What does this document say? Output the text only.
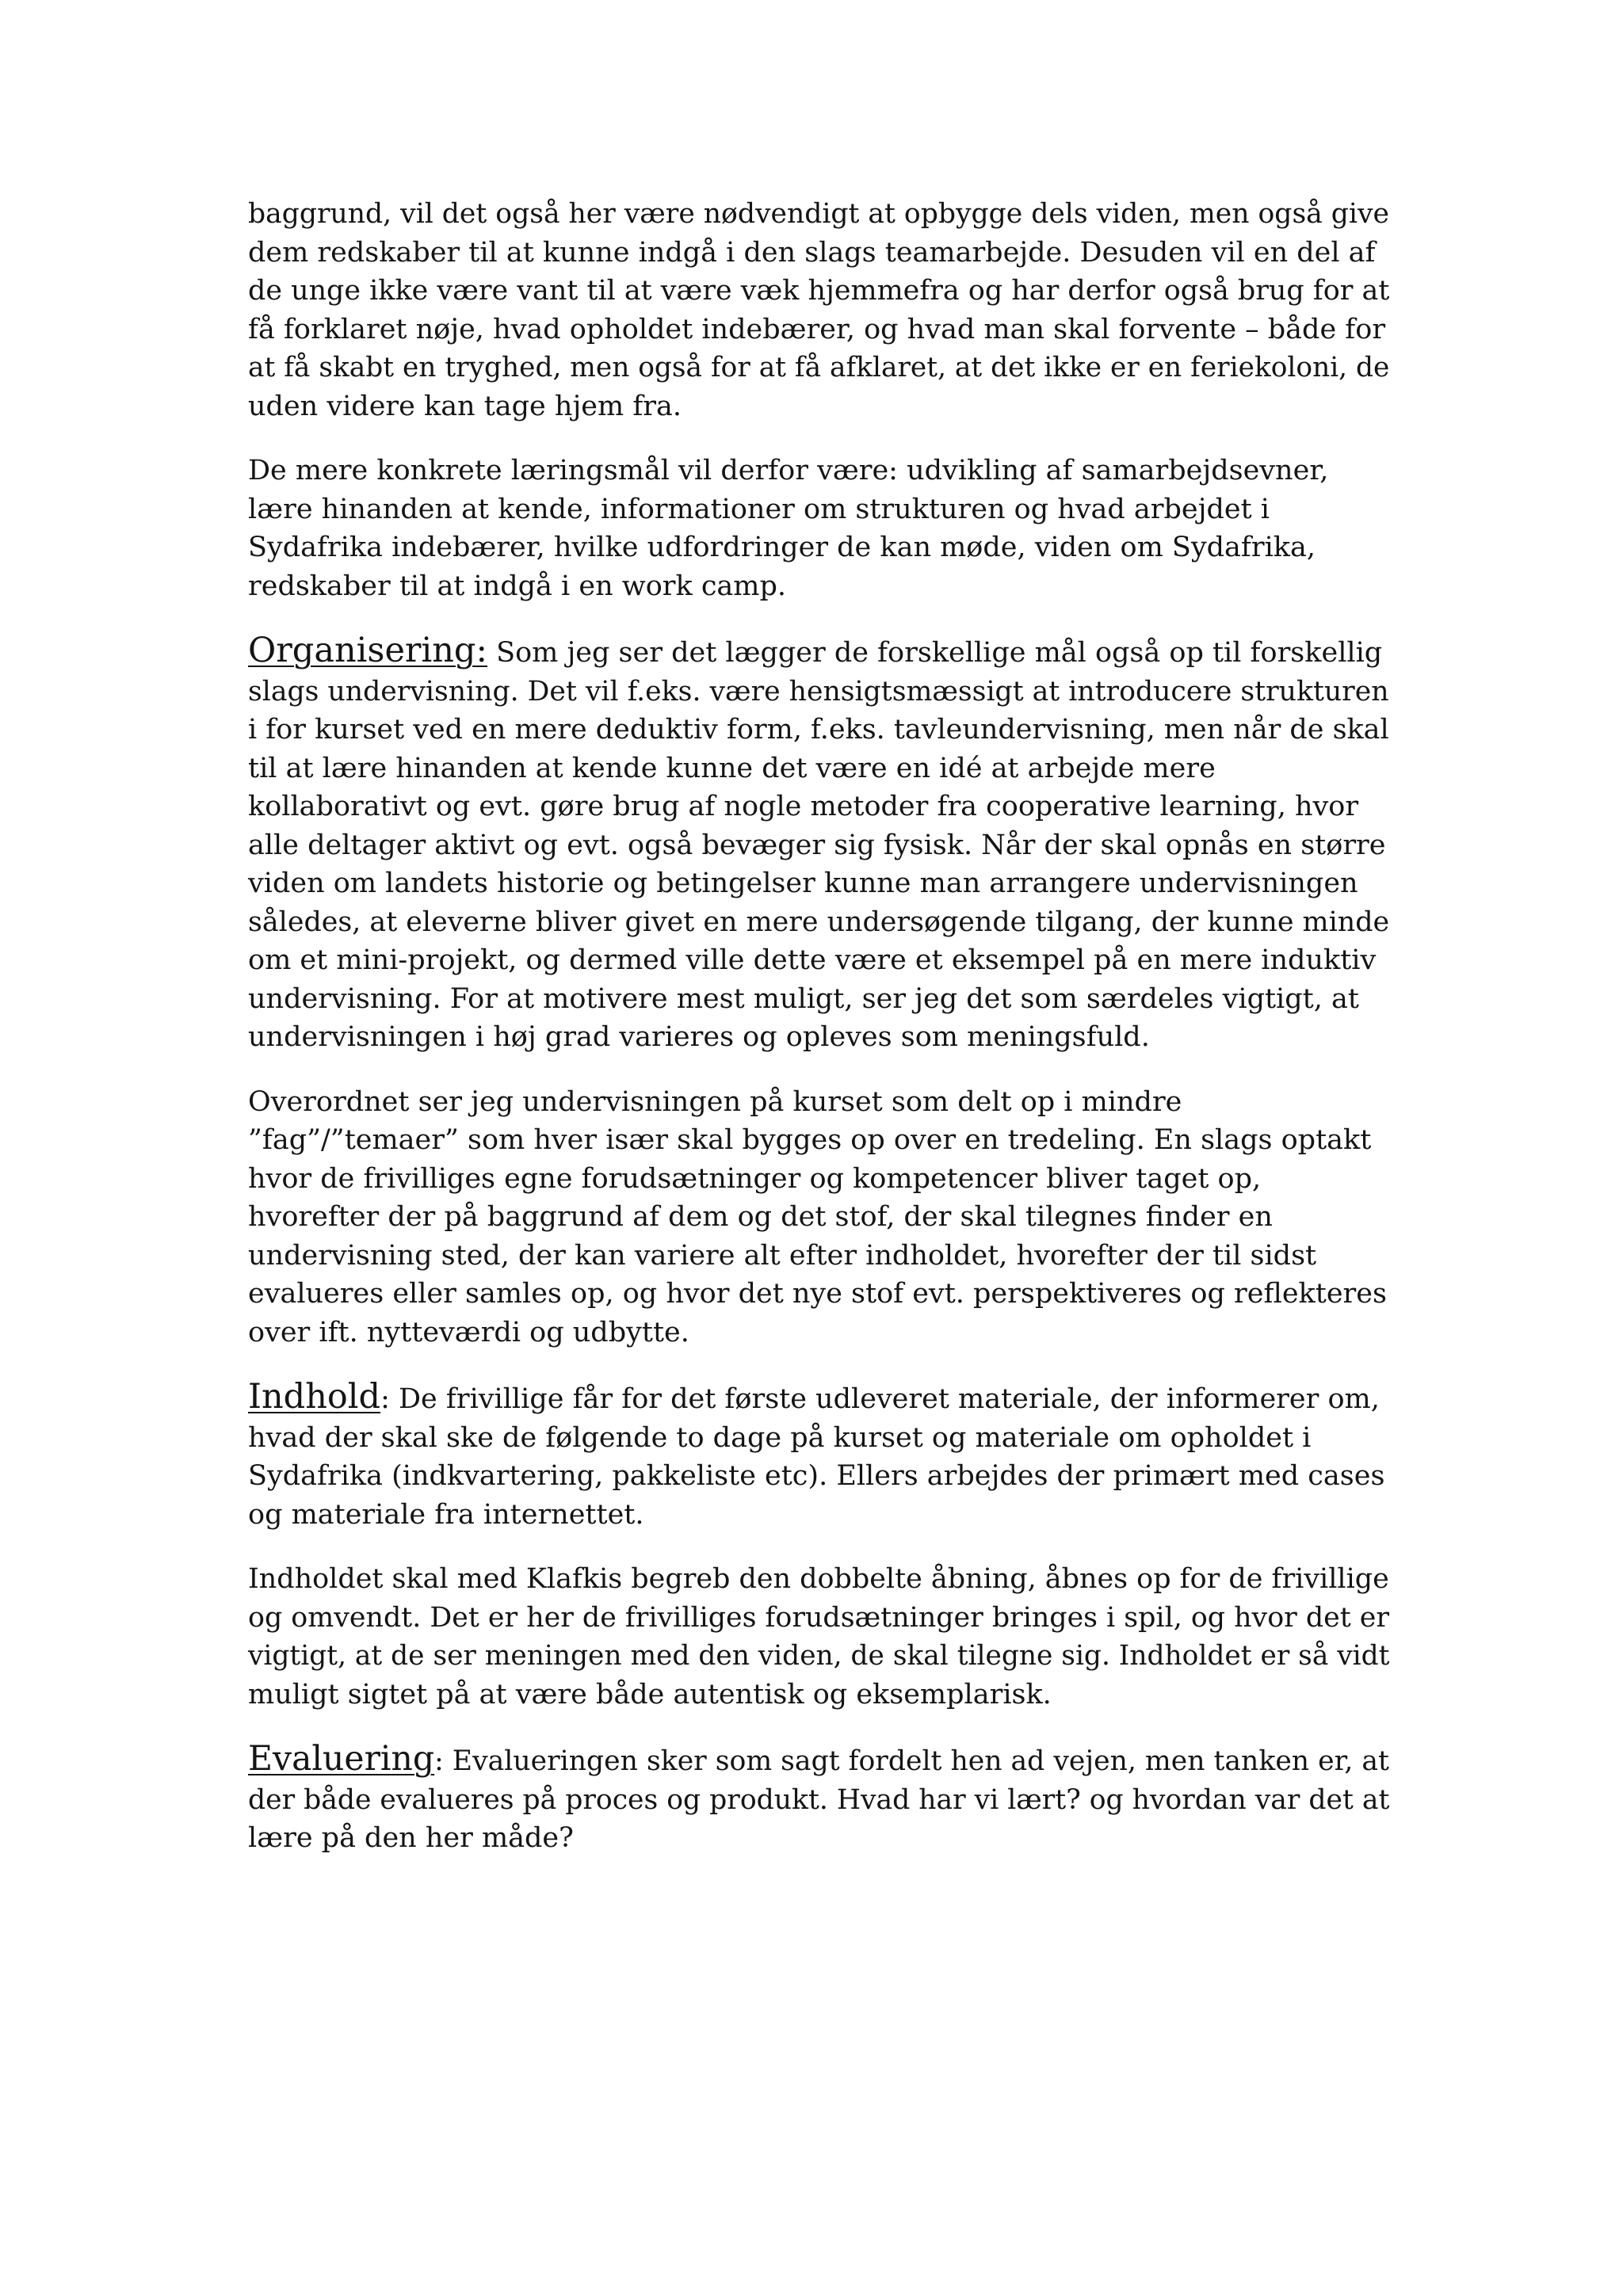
baggrund, vil det også her være nødvendigt at opbygge dels viden, men også give
dem redskaber til at kunne indgå i den slags teamarbejde. Desuden vil en del af
de unge ikke være vant til at være væk hjemmefra og har derfor også brug for at
få forklaret nøje, hvad opholdet indebærer, og hvad man skal forvente – både for
at få skabt en tryghed, men også for at få afklaret, at det ikke er en feriekoloni, de
uden videre kan tage hjem fra.
De mere konkrete læringsmål vil derfor være: udvikling af samarbejdsevner,
lære hinanden at kende, informationer om strukturen og hvad arbejdet i
Sydafrika indebærer, hvilke udfordringer de kan møde, viden om Sydafrika,
redskaber til at indgå i en work camp.
Organisering: Som jeg ser det lægger de forskellige mål også op til forskellig
slags undervisning. Det vil f.eks. være hensigtsmæssigt at introducere strukturen
i for kurset ved en mere deduktiv form, f.eks. tavleundervisning, men når de skal
til at lære hinanden at kende kunne det være en idé at arbejde mere
kollaborativt og evt. gøre brug af nogle metoder fra cooperative learning, hvor
alle deltager aktivt og evt. også bevæger sig fysisk. Når der skal opnås en større
viden om landets historie og betingelser kunne man arrangere undervisningen
således, at eleverne bliver givet en mere undersøgende tilgang, der kunne minde
om et mini-projekt, og dermed ville dette være et eksempel på en mere induktiv
undervisning. For at motivere mest muligt, ser jeg det som særdeles vigtigt, at
undervisningen i høj grad varieres og opleves som meningsfuld.
Overordnet ser jeg undervisningen på kurset som delt op i mindre
”fag”/”temaer” som hver især skal bygges op over en tredeling. En slags optakt
hvor de frivilliges egne forudsætninger og kompetencer bliver taget op,
hvorefter der på baggrund af dem og det stof, der skal tilegnes finder en
undervisning sted, der kan variere alt efter indholdet, hvorefter der til sidst
evalueres eller samles op, og hvor det nye stof evt. perspektiveres og reflekteres
over ift. nytteværdi og udbytte.
Indhold: De frivillige får for det første udleveret materiale, der informerer om,
hvad der skal ske de følgende to dage på kurset og materiale om opholdet i
Sydafrika (indkvartering, pakkeliste etc). Ellers arbejdes der primært med cases
og materiale fra internettet.
Indholdet skal med Klafkis begreb den dobbelte åbning, åbnes op for de frivillige
og omvendt. Det er her de frivilliges forudsætninger bringes i spil, og hvor det er
vigtigt, at de ser meningen med den viden, de skal tilegne sig. Indholdet er så vidt
muligt sigtet på at være både autentisk og eksemplarisk.
Evaluering: Evalueringen sker som sagt fordelt hen ad vejen, men tanken er, at
der både evalueres på proces og produkt. Hvad har vi lært? og hvordan var det at
lære på den her måde?
